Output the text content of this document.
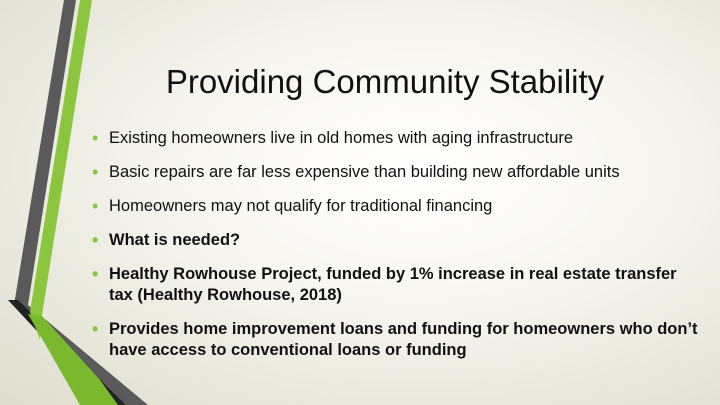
Providing Community Stability
• Existing homeowners live in old homes with aging infrastructure
• Basic repairs are far less expensive than building new affordable units
• Homeowners may not qualify for traditional financing
• What is needed?
• Healthy Rowhouse Project, funded by 1% increase in real estate transfer tax (Healthy Rowhouse, 2018)
• Provides home improvement loans and funding for homeowners who don’t have access to conventional loans or funding
